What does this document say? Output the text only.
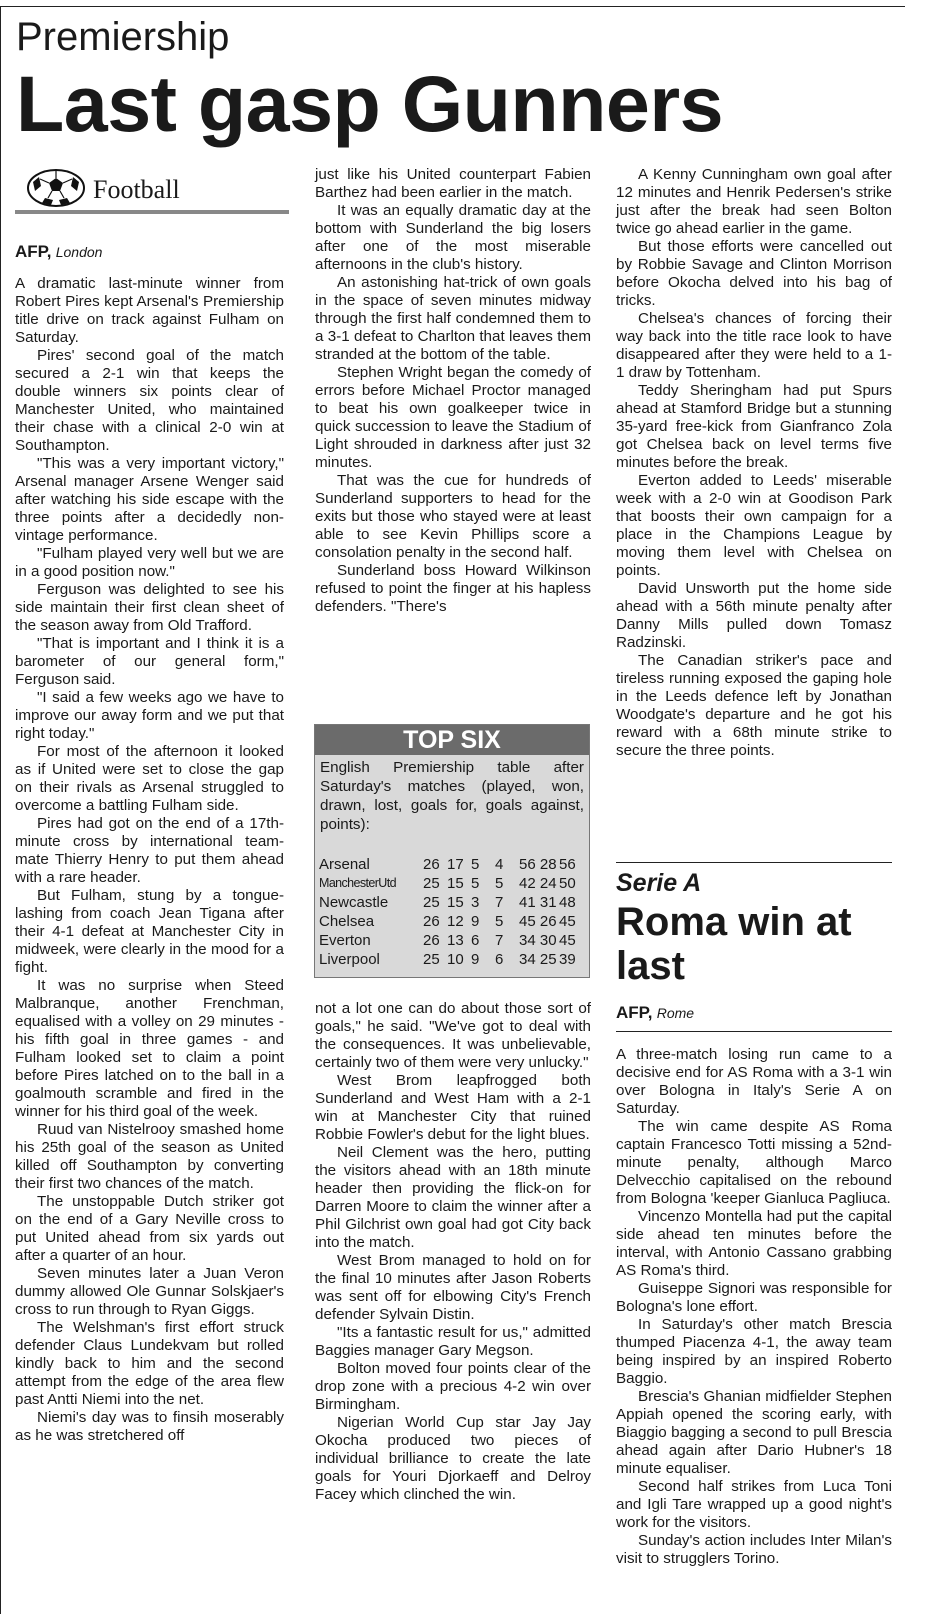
Premiership
Last gasp Gunners
Football
AFP, London

A dramatic last-minute winner from Robert Pires kept Arsenal's Premiership title drive on track against Fulham on Saturday.

Pires' second goal of the match secured a 2-1 win that keeps the double winners six points clear of Manchester United, who maintained their chase with a clinical 2-0 win at Southampton.

"This was a very important victory," Arsenal manager Arsene Wenger said after watching his side escape with the three points after a decidedly non-vintage performance.

"Fulham played very well but we are in a good position now."

Ferguson was delighted to see his side maintain their first clean sheet of the season away from Old Trafford.

"That is important and I think it is a barometer of our general form," Ferguson said.

"I said a few weeks ago we have to improve our away form and we put that right today."

For most of the afternoon it looked as if United were set to close the gap on their rivals as Arsenal struggled to overcome a battling Fulham side.

Pires had got on the end of a 17th-minute cross by international team-mate Thierry Henry to put them ahead with a rare header.

But Fulham, stung by a tongue-lashing from coach Jean Tigana after their 4-1 defeat at Manchester City in midweek, were clearly in the mood for a fight.

It was no surprise when Steed Malbranque, another Frenchman, equalised with a volley on 29 minutes - his fifth goal in three games - and Fulham looked set to claim a point before Pires latched on to the ball in a goalmouth scramble and fired in the winner for his third goal of the week.

Ruud van Nistelrooy smashed home his 25th goal of the season as United killed off Southampton by converting their first two chances of the match.

The unstoppable Dutch striker got on the end of a Gary Neville cross to put United ahead from six yards out after a quarter of an hour.

Seven minutes later a Juan Veron dummy allowed Ole Gunnar Solskjaer's cross to run through to Ryan Giggs.

The Welshman's first effort struck defender Claus Lundekvam but rolled kindly back to him and the second attempt from the edge of the area flew past Antti Niemi into the net.

Niemi's day was to finsih moserably as he was stretchered off

just like his United counterpart Fabien Barthez had been earlier in the match.

It was an equally dramatic day at the bottom with Sunderland the big losers after one of the most miserable afternoons in the club's history.

An astonishing hat-trick of own goals in the space of seven minutes midway through the first half condemned them to a 3-1 defeat to Charlton that leaves them stranded at the bottom of the table.

Stephen Wright began the comedy of errors before Michael Proctor managed to beat his own goalkeeper twice in quick succession to leave the Stadium of Light shrouded in darkness after just 32 minutes.

That was the cue for hundreds of Sunderland supporters to head for the exits but those who stayed were at least able to see Kevin Phillips score a consolation penalty in the second half.

Sunderland boss Howard Wilkinson refused to point the finger at his hapless defenders. "There's

TOP SIX
English Premiership table after Saturday's matches (played, won, drawn, lost, goals for, goals against, points):
Arsenal	26	17	5	4	56 28	56
ManchesterUtd	25	15	5	5	42 24	50
Newcastle	25	15	3	7	41 31	48
Chelsea	26	12	9	5	45 26	45
Everton	26	13	6	7	34 30	45
Liverpool	25	10	9	6	34 25	39

not a lot one can do about those sort of goals," he said. "We've got to deal with the consequences. It was unbelievable, certainly two of them were very unlucky."

West Brom leapfrogged both Sunderland and West Ham with a 2-1 win at Manchester City that ruined Robbie Fowler's debut for the light blues.

Neil Clement was the hero, putting the visitors ahead with an 18th minute header then providing the flick-on for Darren Moore to claim the winner after a Phil Gilchrist own goal had got City back into the match.

West Brom managed to hold on for the final 10 minutes after Jason Roberts was sent off for elbowing City's French defender Sylvain Distin.

"Its a fantastic result for us," admitted Baggies manager Gary Megson.

Bolton moved four points clear of the drop zone with a precious 4-2 win over Birmingham.

Nigerian World Cup star Jay Jay Okocha produced two pieces of individual brilliance to create the late goals for Youri Djorkaeff and Delroy Facey which clinched the win.

A Kenny Cunningham own goal after 12 minutes and Henrik Pedersen's strike just after the break had seen Bolton twice go ahead earlier in the game.

But those efforts were cancelled out by Robbie Savage and Clinton Morrison before Okocha delved into his bag of tricks.

Chelsea's chances of forcing their way back into the title race look to have disappeared after they were held to a 1-1 draw by Tottenham.

Teddy Sheringham had put Spurs ahead at Stamford Bridge but a stunning 35-yard free-kick from Gianfranco Zola got Chelsea back on level terms five minutes before the break.

Everton added to Leeds' miserable week with a 2-0 win at Goodison Park that boosts their own campaign for a place in the Champions League by moving them level with Chelsea on points.

David Unsworth put the home side ahead with a 56th minute penalty after Danny Mills pulled down Tomasz Radzinski.

The Canadian striker's pace and tireless running exposed the gaping hole in the Leeds defence left by Jonathan Woodgate's departure and he got his reward with a 68th minute strike to secure the three points.

Serie A
Roma win at last
AFP, Rome

A three-match losing run came to a decisive end for AS Roma with a 3-1 win over Bologna in Italy's Serie A on Saturday.

The win came despite AS Roma captain Francesco Totti missing a 52nd-minute penalty, although Marco Delvecchio capitalised on the rebound from Bologna 'keeper Gianluca Pagliuca.

Vincenzo Montella had put the capital side ahead ten minutes before the interval, with Antonio Cassano grabbing AS Roma's third.

Guiseppe Signori was responsible for Bologna's lone effort.

In Saturday's other match Brescia thumped Piacenza 4-1, the away team being inspired by an inspired Roberto Baggio.

Brescia's Ghanian midfielder Stephen Appiah opened the scoring early, with Biaggio bagging a second to pull Brescia ahead again after Dario Hubner's 18 minute equaliser.

Second half strikes from Luca Toni and Igli Tare wrapped up a good night's work for the visitors.

Sunday's action includes Inter Milan's visit to strugglers Torino.
